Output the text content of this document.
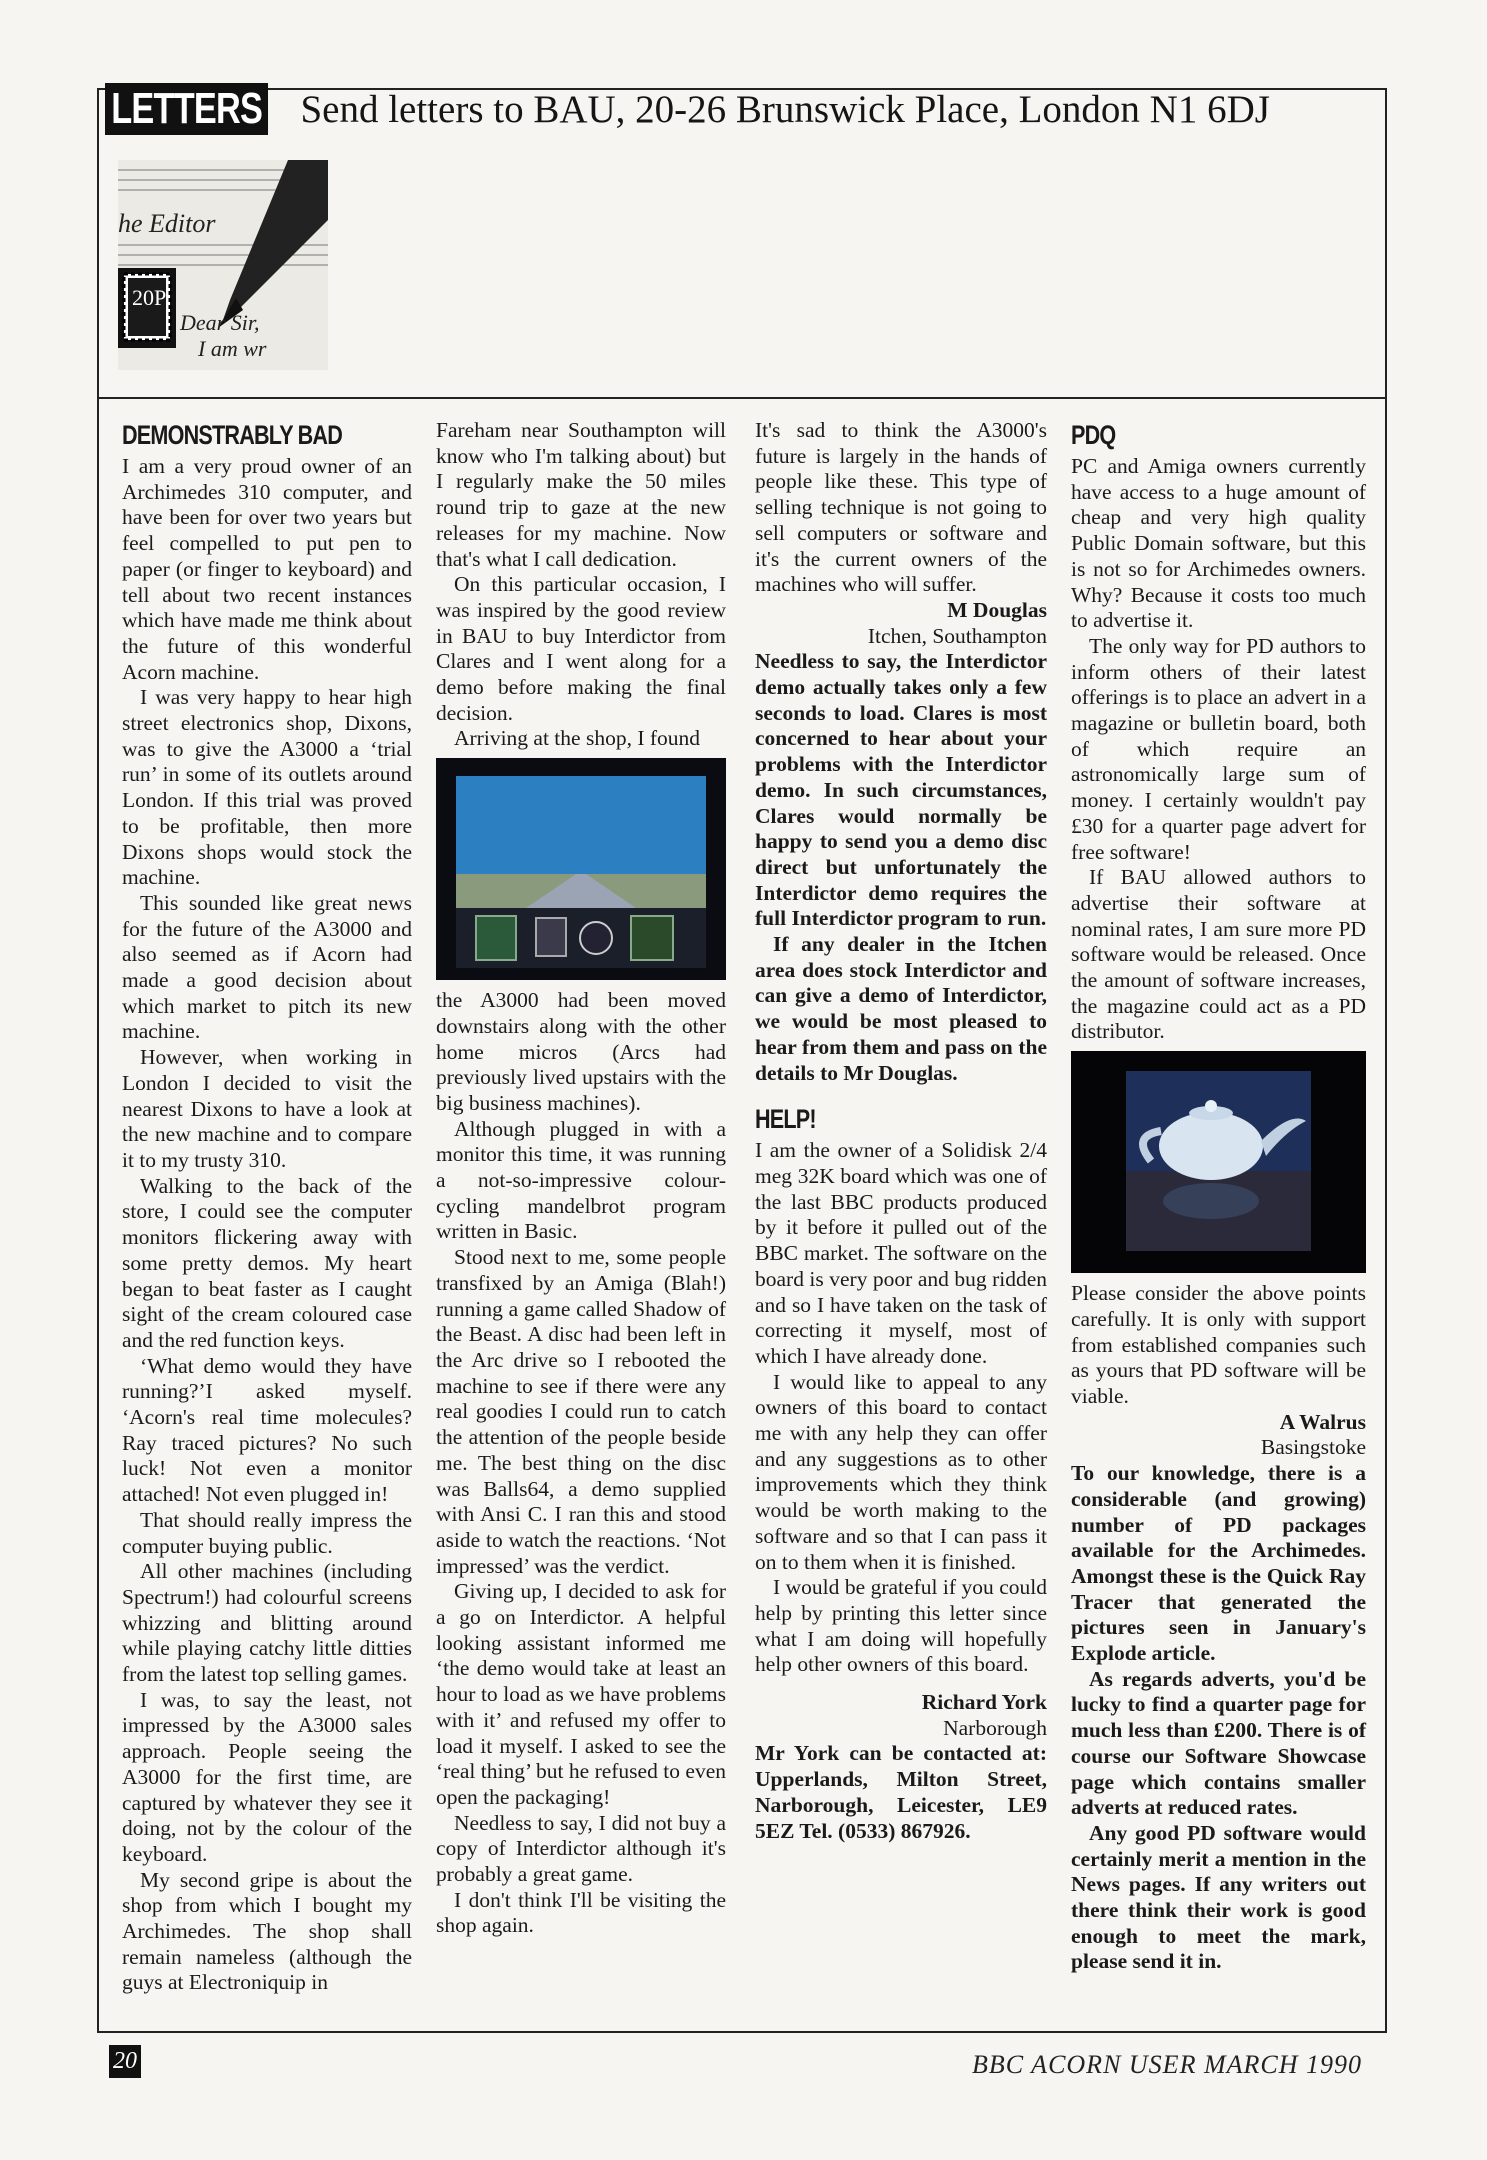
LETTERS Send letters to BAU, 20-26 Brunswick Place, London N1 6DJ
20P
he Editor
Dear Sir,
I am wr
DEMONSTRABLY BAD

I am a very proud owner of an Archimedes 310 computer, and have been for over two years but feel compelled to put pen to paper (or finger to keyboard) and tell about two recent instances which have made me think about the future of this wonderful Acorn machine.

I was very happy to hear high street electronics shop, Dixons, was to give the A3000 a ‘trial run’ in some of its outlets around London. If this trial was proved to be profitable, then more Dixons shops would stock the machine.

This sounded like great news for the future of the A3000 and also seemed as if Acorn had made a good decision about which market to pitch its new machine.

However, when working in London I decided to visit the nearest Dixons to have a look at the new machine and to compare it to my trusty 310.

Walking to the back of the store, I could see the computer monitors flickering away with some pretty demos. My heart began to beat faster as I caught sight of the cream coloured case and the red function keys.

‘What demo would they have running?’I asked myself. ‘Acorn's real time molecules? Ray traced pictures? No such luck! Not even a monitor attached! Not even plugged in!

That should really impress the computer buying public.

All other machines (including Spectrum!) had colourful screens whizzing and blitting around while playing catchy little ditties from the latest top selling games.

I was, to say the least, not impressed by the A3000 sales approach. People seeing the A3000 for the first time, are captured by whatever they see it doing, not by the colour of the keyboard.

My second gripe is about the shop from which I bought my Archimedes. The shop shall remain nameless (although the guys at Electroniquip in

Fareham near Southampton will know who I'm talking about) but I regularly make the 50 miles round trip to gaze at the new releases for my machine. Now that's what I call dedication.

On this particular occasion, I was inspired by the good review in BAU to buy Interdictor from Clares and I went along for a demo before making the final decision.

Arriving at the shop, I found

the A3000 had been moved downstairs along with the other home micros (Arcs had previously lived upstairs with the big business machines).

Although plugged in with a monitor this time, it was running a not-so-impressive colour-cycling mandelbrot program written in Basic.

Stood next to me, some people transfixed by an Amiga (Blah!) running a game called Shadow of the Beast. A disc had been left in the Arc drive so I rebooted the machine to see if there were any real goodies I could run to catch the attention of the people beside me. The best thing on the disc was Balls64, a demo supplied with Ansi C. I ran this and stood aside to watch the reactions. ‘Not impressed’ was the verdict.

Giving up, I decided to ask for a go on Interdictor. A helpful looking assistant informed me ‘the demo would take at least an hour to load as we have problems with it’ and refused my offer to load it myself. I asked to see the ‘real thing’ but he refused to even open the packaging!

Needless to say, I did not buy a copy of Interdictor although it's probably a great game.

I don't think I'll be visiting the shop again.

It's sad to think the A3000's future is largely in the hands of people like these. This type of selling technique is not going to sell computers or software and it's the current owners of the machines who will suffer.

M Douglas

Itchen, Southampton

Needless to say, the Interdictor demo actually takes only a few seconds to load. Clares is most concerned to hear about your problems with the Interdictor demo. In such circumstances, Clares would normally be happy to send you a demo disc direct but unfortunately the Interdictor demo requires the full Interdictor program to run.

If any dealer in the Itchen area does stock Interdictor and can give a demo of Interdictor, we would be most pleased to hear from them and pass on the details to Mr Douglas.

HELP!

I am the owner of a Solidisk 2/4 meg 32K board which was one of the last BBC products produced by it before it pulled out of the BBC market. The software on the board is very poor and bug ridden and so I have taken on the task of correcting it myself, most of which I have already done.

I would like to appeal to any owners of this board to contact me with any help they can offer and any suggestions as to other improvements which they think would be worth making to the software and so that I can pass it on to them when it is finished.

I would be grateful if you could help by printing this letter since what I am doing will hopefully help other owners of this board.

Richard York

Narborough

Mr York can be contacted at: Upperlands, Milton Street, Narborough, Leicester, LE9 5EZ Tel. (0533) 867926.

PDQ

PC and Amiga owners currently have access to a huge amount of cheap and very high quality Public Domain software, but this is not so for Archimedes owners. Why? Because it costs too much to advertise it.

The only way for PD authors to inform others of their latest offerings is to place an advert in a magazine or bulletin board, both of which require an astronomically large sum of money. I certainly wouldn't pay £30 for a quarter page advert for free software!

If BAU allowed authors to advertise their software at nominal rates, I am sure more PD software would be released. Once the amount of software increases, the magazine could act as a PD distributor.

Please consider the above points carefully. It is only with support from established companies such as yours that PD software will be viable.

A Walrus

Basingstoke

To our knowledge, there is a considerable (and growing) number of PD packages available for the Archimedes. Amongst these is the Quick Ray Tracer that generated the pictures seen in January's Explode article.

As regards adverts, you'd be lucky to find a quarter page for much less than £200. There is of course our Software Showcase page which contains smaller adverts at reduced rates.

Any good PD software would certainly merit a mention in the News pages. If any writers out there think their work is good enough to meet the mark, please send it in.

20	BBC ACORN USER MARCH 1990
